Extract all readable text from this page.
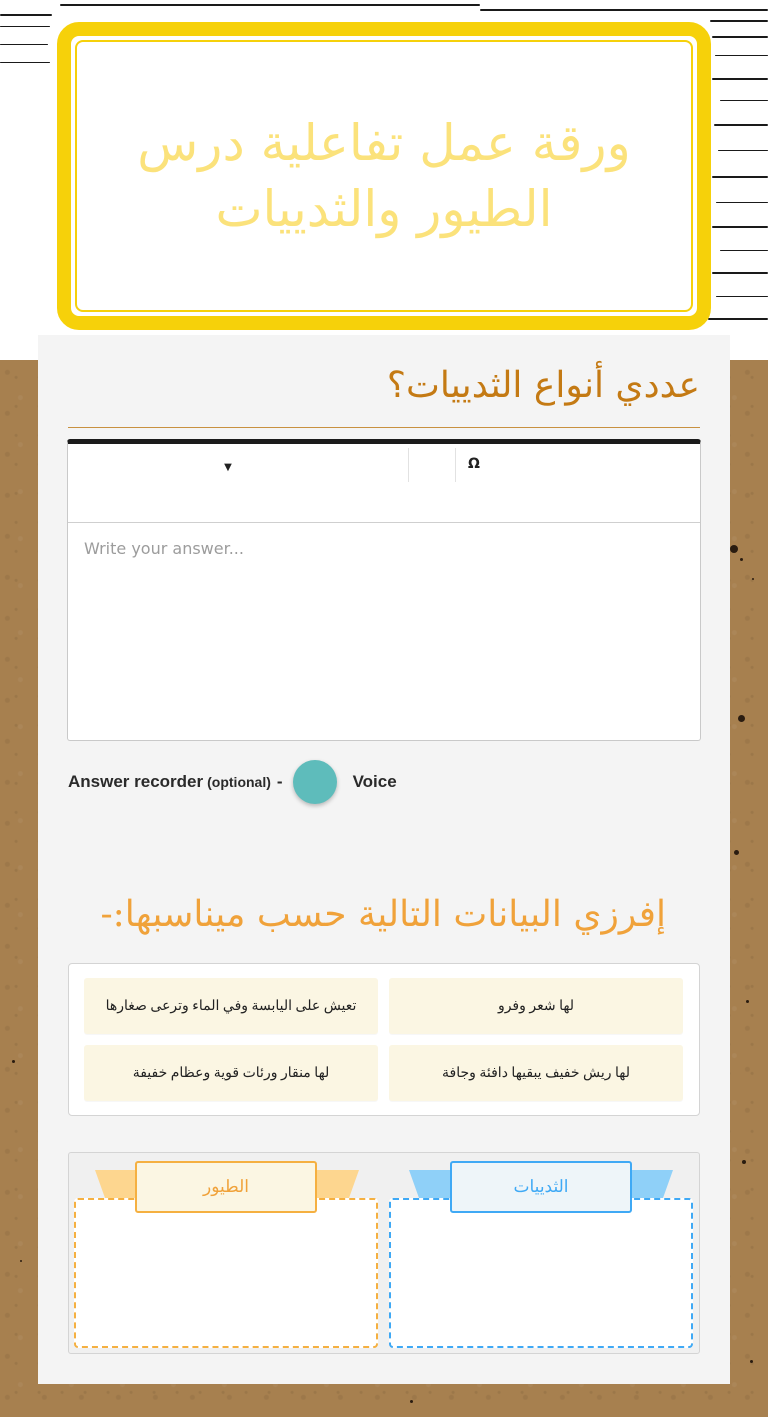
ورقة عمل تفاعلية درس الطيور والثدييات
عددي أنواع الثدييات؟
▼	Ω
Write your answer...
Answer recorder (optional) -	Voice
إفرزي البيانات التالية حسب ميناسبها:-
لها شعر وفرو
تعيش على اليابسة وفي الماء وترعى صغارها
لها ريش خفيف يبقيها دافئة وجافة
لها منقار ورئات قوية وعظام خفيفة
الثدييات
الطيور
